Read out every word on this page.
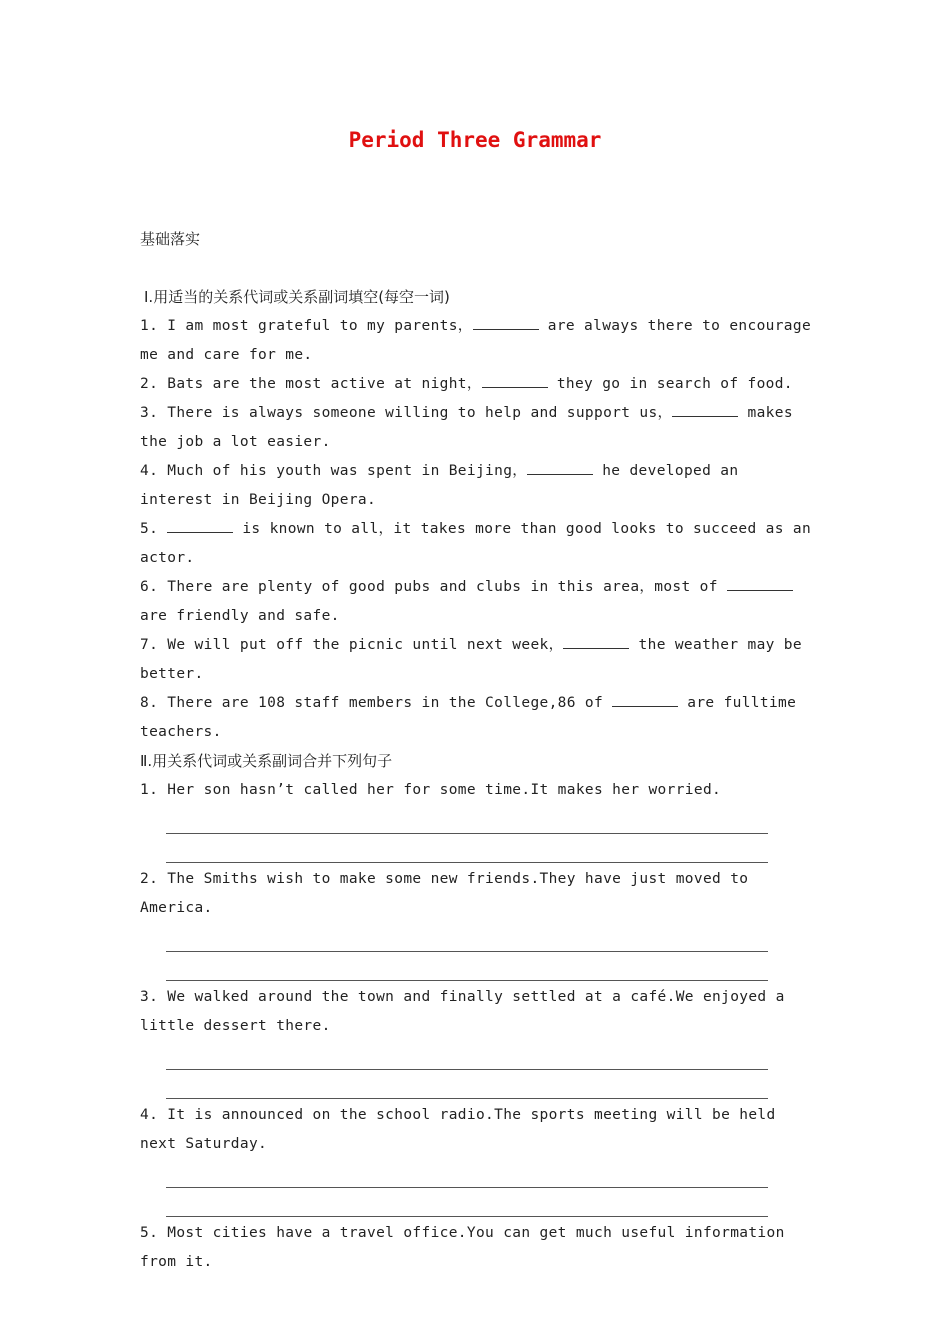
Period Three Grammar
基础落实
Ⅰ.用适当的关系代词或关系副词填空(每空一词)
1. I am most grateful to my parents，	are always there to encourage me and care for me.
2. Bats are the most active at night，	they go in search of food.
3. There is always someone willing to help and support us，	makes the job a lot easier.
4. Much of his youth was spent in Beijing，	he developed an interest in Beijing Opera.
5.	is known to all，it takes more than good looks to succeed as an actor.
6. There are plenty of good pubs and clubs in this area，most of	are friendly and safe.
7. We will put off the picnic until next week，	the weather may be better.
8. There are 108 staff members in the College,86 of	are fulltime teachers.
Ⅱ.用关系代词或关系副词合并下列句子
1. Her son hasn’t called her for some time.It makes her worried.
2. The Smiths wish to make some new friends.They have just moved to America.
3. We walked around the town and finally settled at a café.We enjoyed a little dessert there.
4. It is announced on the school radio.The sports meeting will be held next Saturday.
5. Most cities have a travel office.You can get much useful information from it.
